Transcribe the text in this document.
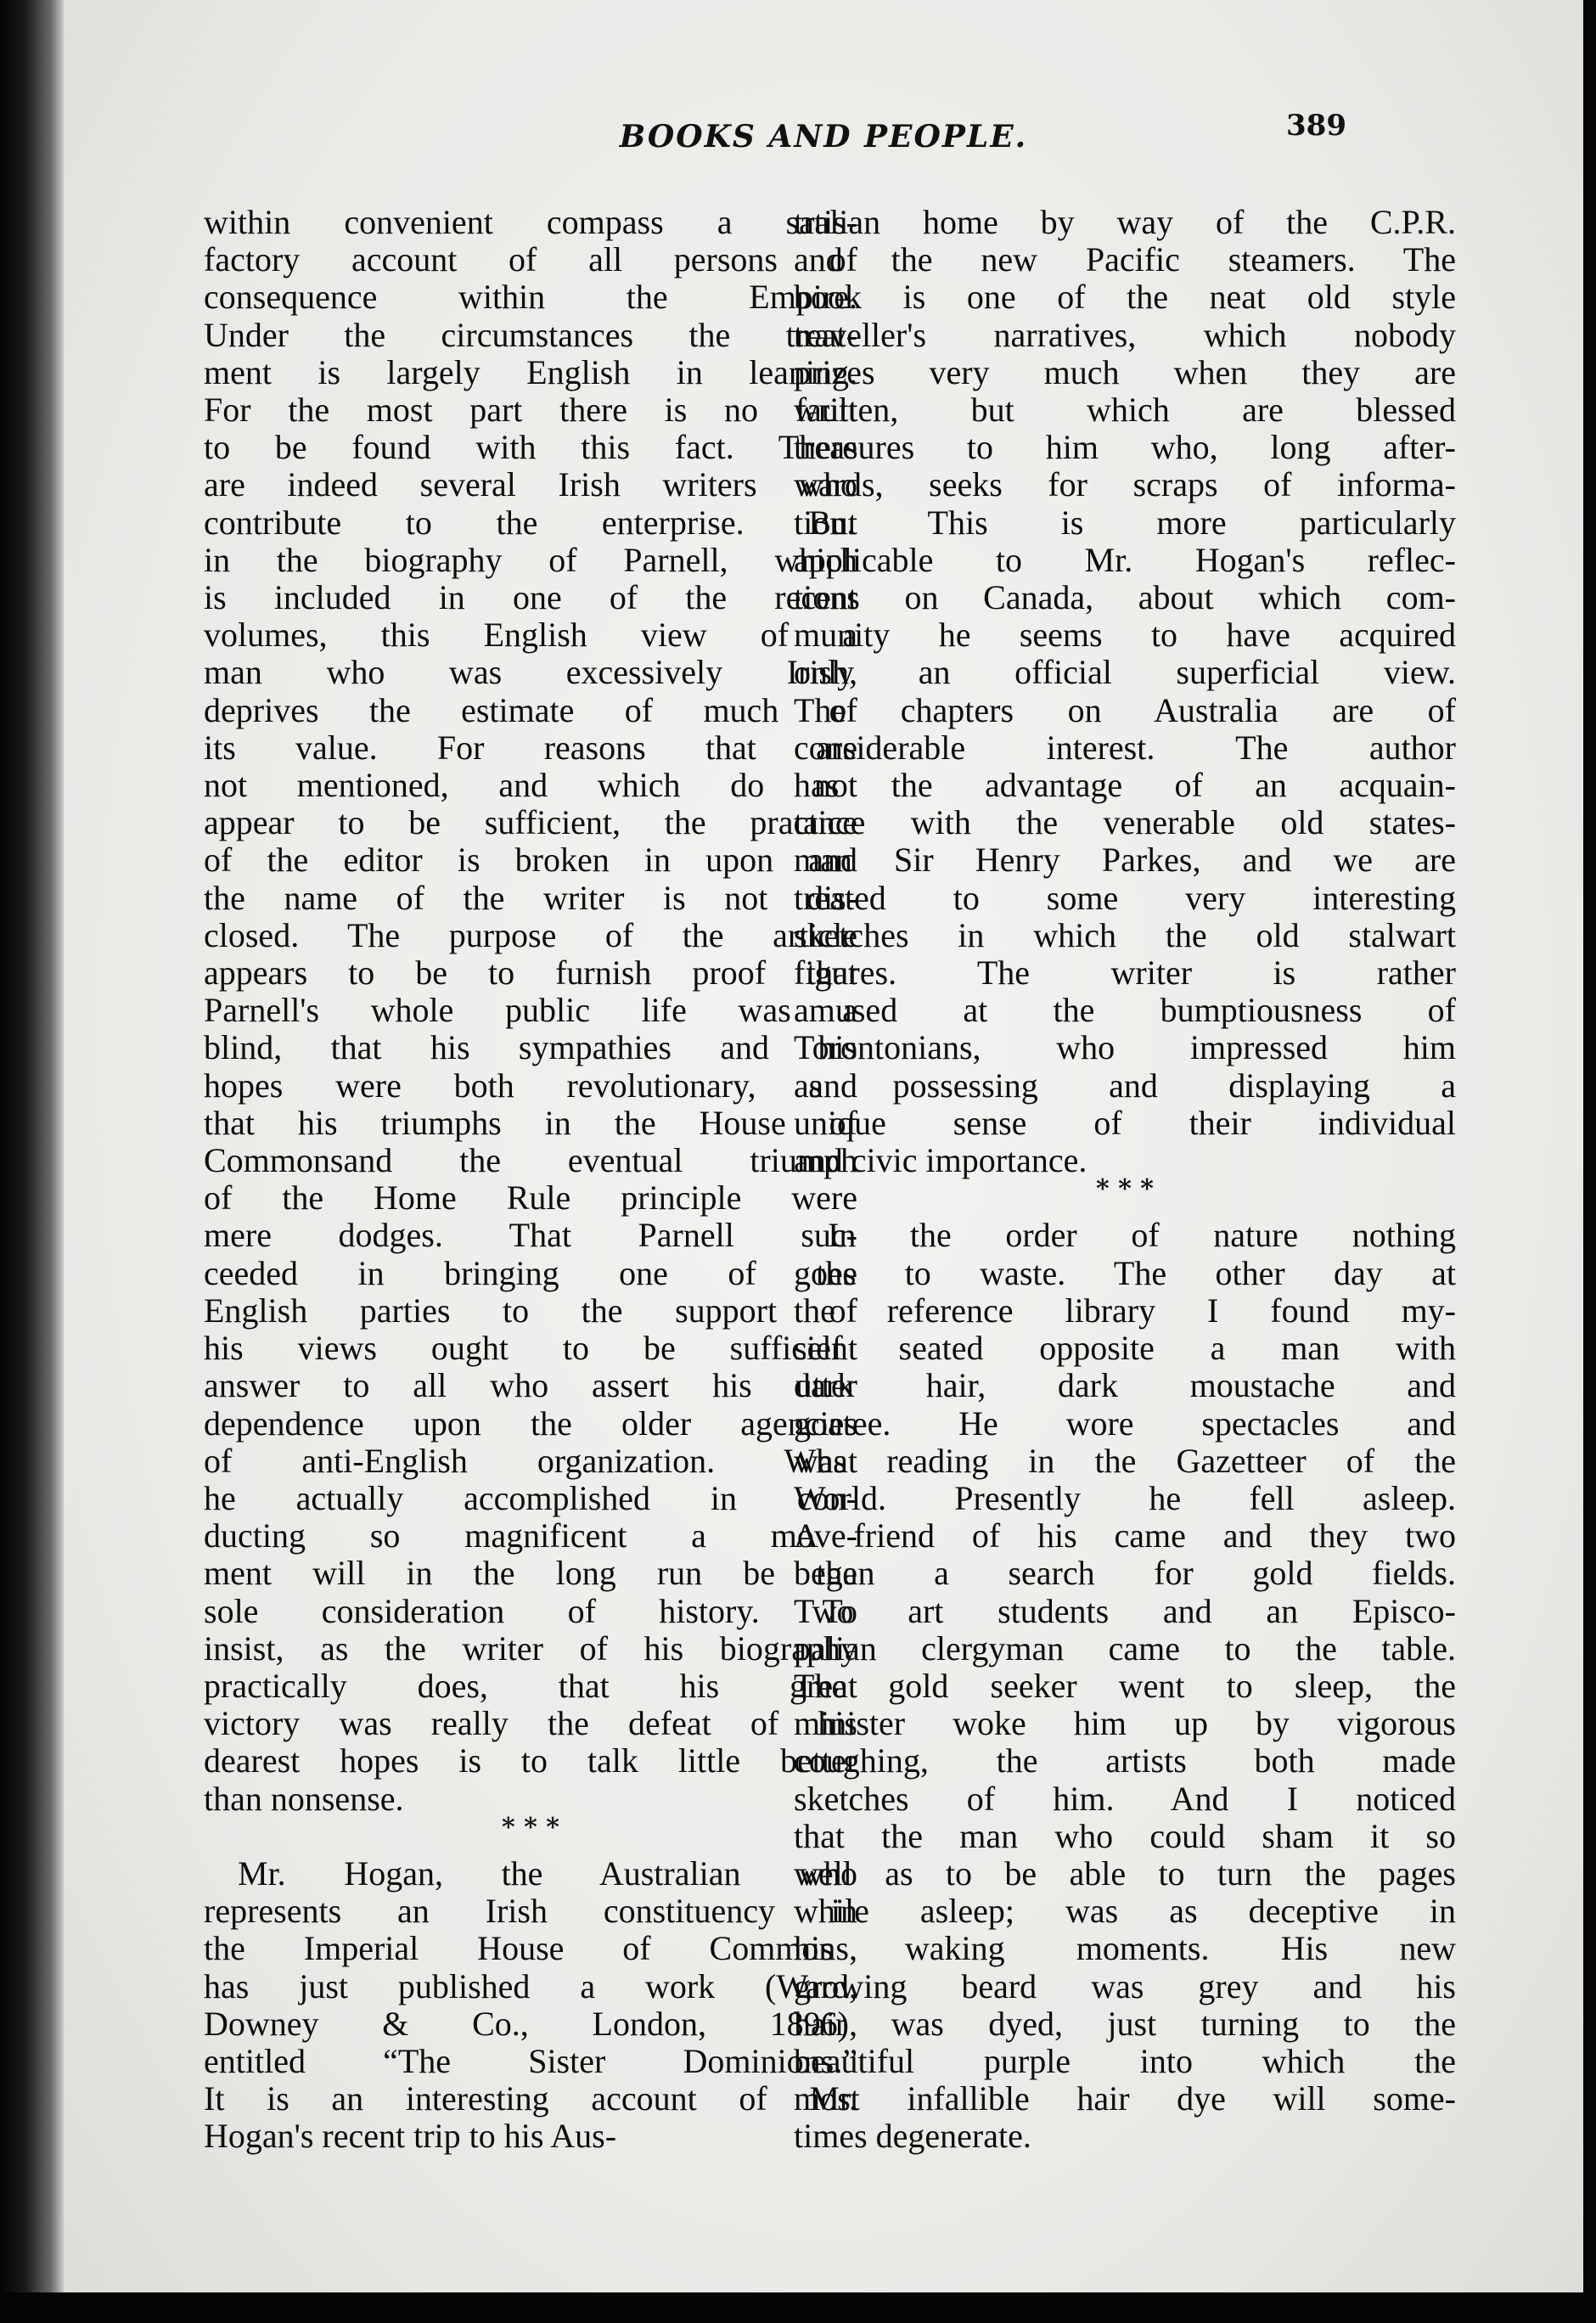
BOOKS AND PEOPLE.	389
within convenient compass a satis-
factory account of all persons of
consequence within the Empire.
Under the circumstances the treat-
ment is largely English in leaning.
For the most part there is no fault
to be found with this fact. There
are indeed several Irish writers who
contribute to the enterprise. But
in the biography of Parnell, which
is included in one of the recent
volumes, this English view of a
man who was excessively Irish,
deprives the estimate of much of
its value. For reasons that are
not mentioned, and which do not
appear to be sufficient, the practice
of the editor is broken in upon and
the name of the writer is not dis-
closed. The purpose of the article
appears to be to furnish proof that
Parnell's whole public life was a
blind, that his sympathies and his
hopes were both revolutionary, and
that his triumphs in the House of
Commonsand the eventual triumph
of the Home Rule principle were
mere dodges. That Parnell suc-
ceeded in bringing one of the
English parties to the support of
his views ought to be sufficient
answer to all who assert his utter
dependence upon the older agencies
of anti-English organization. What
he actually accomplished in con-
ducting so magnificent a move-
ment will in the long run be the
sole consideration of history. To
insist, as the writer of his biography
practically does, that his great
victory was really the defeat of his
dearest hopes is to talk little better
than nonsense.
* * *
Mr. Hogan, the Australian who
represents an Irish constituency in
the Imperial House of Commons,
has just published a work (Ward,
Downey & Co., London, 1896),
entitled “The Sister Dominions.”
It is an interesting account of Mr.
Hogan's recent trip to his Aus-
tralian home by way of the C.P.R.
and the new Pacific steamers. The
book is one of the neat old style
traveller's narratives, which nobody
prizes very much when they are
written, but which are blessed
treasures to him who, long after-
wards, seeks for scraps of informa-
tion. This is more particularly
applicable to Mr. Hogan's reflec-
tions on Canada, about which com-
munity he seems to have acquired
only an official superficial view.
The chapters on Australia are of
considerable interest. The author
has the advantage of an acquain-
tance with the venerable old states-
man Sir Henry Parkes, and we are
treated to some very interesting
sketches in which the old stalwart
figures. The writer is rather
amused at the bumptiousness of
Torontonians, who impressed him
as possessing and displaying a
unique sense of their individual
and civic importance.
* * *
In the order of nature nothing
goes to waste. The other day at
the reference library I found my-
self seated opposite a man with
dark hair, dark moustache and
goatee. He wore spectacles and
was reading in the Gazetteer of the
World. Presently he fell asleep.
A friend of his came and they two
began a search for gold fields.
Two art students and an Episco-
palian clergyman came to the table.
The gold seeker went to sleep, the
minister woke him up by vigorous
coughing, the artists both made
sketches of him. And I noticed
that the man who could sham it so
well as to be able to turn the pages
while asleep; was as deceptive in
his waking moments. His new
growing beard was grey and his
hair was dyed, just turning to the
beautiful purple into which the
most infallible hair dye will some-
times degenerate.
